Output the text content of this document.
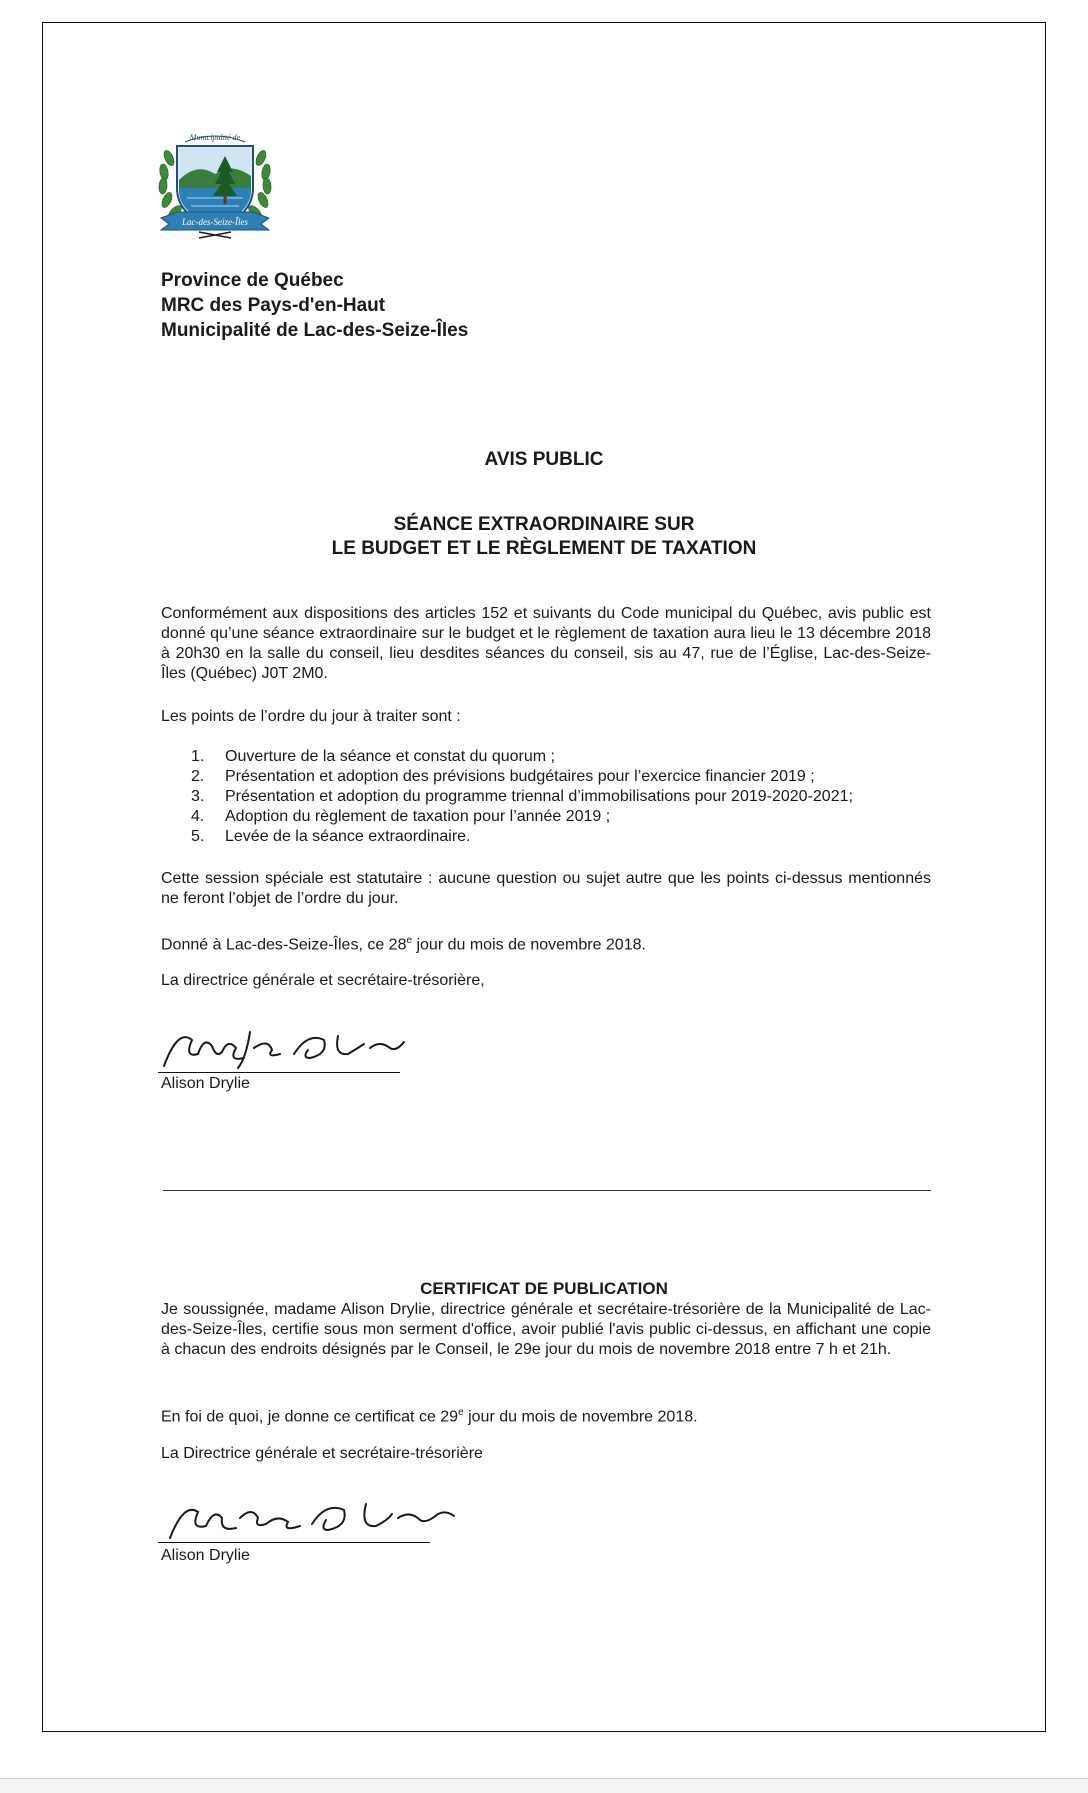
Municipalité de
Lac-des-Seize-Îles
Province de Québec
MRC des Pays-d'en-Haut
Municipalité de Lac-des-Seize-Îles
AVIS PUBLIC
SÉANCE EXTRAORDINAIRE SUR
LE BUDGET ET LE RÈGLEMENT DE TAXATION
Conformément aux dispositions des articles 152 et suivants du Code municipal du Québec, avis public est donné qu’une séance extraordinaire sur le budget et le règlement de taxation aura lieu le 13 décembre 2018 à 20h30 en la salle du conseil, lieu desdites séances du conseil, sis au 47, rue de l’Église, Lac-des-Seize-Îles (Québec) J0T 2M0.
Les points de l’ordre du jour à traiter sont :
1. Ouverture de la séance et constat du quorum ;
2. Présentation et adoption des prévisions budgétaires pour l’exercice financier 2019 ;
3. Présentation et adoption du programme triennal d’immobilisations pour 2019-2020-2021;
4. Adoption du règlement de taxation pour l’année 2019 ;
5. Levée de la séance extraordinaire.
Cette session spéciale est statutaire : aucune question ou sujet autre que les points ci-dessus mentionnés ne feront l’objet de l’ordre du jour.
Donné à Lac-des-Seize-Îles, ce 28e jour du mois de novembre 2018.
La directrice générale et secrétaire-trésorière,
Alison Drylie
CERTIFICAT DE PUBLICATION
Je soussignée, madame Alison Drylie, directrice générale et secrétaire-trésorière de la Municipalité de Lac-des-Seize-Îles, certifie sous mon serment d'office, avoir publié l'avis public ci-dessus, en affichant une copie à chacun des endroits désignés par le Conseil, le 29e jour du mois de novembre 2018 entre 7 h et 21h.
En foi de quoi, je donne ce certificat ce 29e jour du mois de novembre 2018.
La Directrice générale et secrétaire-trésorière
Alison Drylie
